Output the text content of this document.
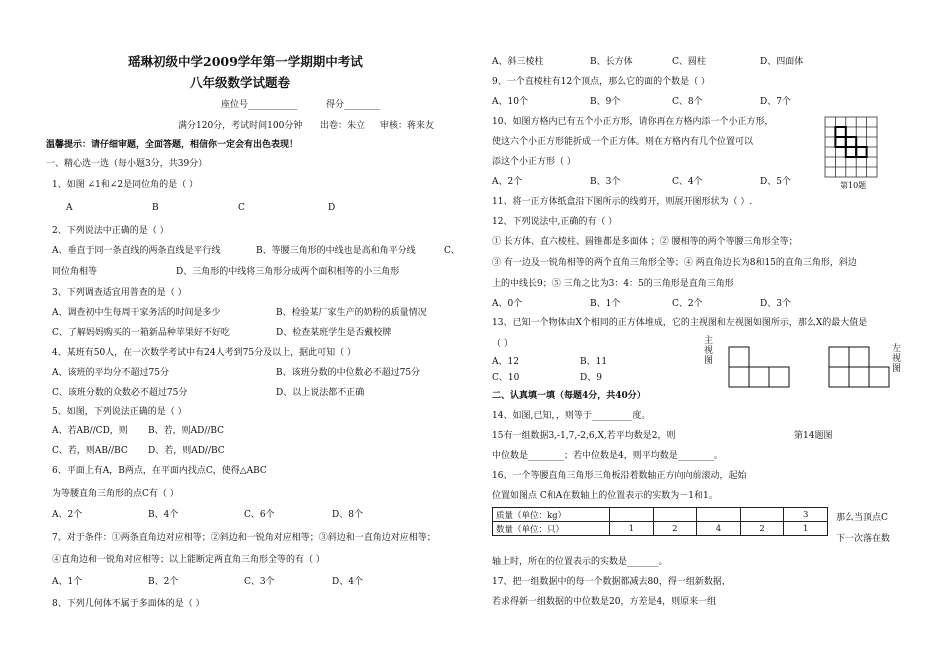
瑶琳初级中学2009学年第一学期期中考试
八年级数学试题卷
座位号___________	得分________
满分120分，考试时间100分钟 出卷：朱立 审核：蒋来友
温馨提示：请仔细审题，全面答题，相信你一定会有出色表现！
一、精心选一选（每小题3分，共39分）
1、如图 ∠1和∠2是同位角的是（ ）
A	B	C	D
2、下列说法中正确的是（ ）
A、垂直于同一条直线的两条直线是平行线	B、等腰三角形的中线也是高和角平分线	C、
同位角相等	D、三角形的中线将三角形分成两个面积相等的小三角形
3、下列调查适宜用普查的是（ ）
A、调查初中生每周干家务活的时间是多少	B、检验某厂家生产的奶粉的质量情况
C、了解妈妈购买的一箱新品种苹果好不好吃	D、检查某班学生是否戴校牌
4、某班有50人，在一次数学考试中有24人考到75分及以上，据此可知（ ）
A、该班的平均分不超过75分	B、该班分数的中位数必不超过75分
C、该班分数的众数必不超过75分	D、以上说法都不正确
5、如图，下列说法正确的是（ ）
A、若AB//CD，则 B、若，则AD//BC
C、若，则AB//BC D、若，则AD//BC
6、平面上有A，B两点，在平面内找点C，使得△ABC
为等腰直角三角形的点C有（ ）
A、2个	B、4个	C、6个	D、8个
7、对于条件：①两条直角边对应相等；②斜边和一锐角对应相等；③斜边和一直角边对应相等；
④直角边和一锐角对应相等；以上能断定两直角三角形全等的有（ ）
A、1个	B、2个	C、3个	D、4个
8、下列几何体不属于多面体的是（ ）
A、斜三棱柱	B、长方体	C、圆柱	D、四面体
9、一个直棱柱有12个顶点，那么它的面的个数是（ ）
A、10个	B、9个	C、8个	D、7个
10、如图方格内已有五个小正方形，请你再在方格内添一个小正方形，
使这六个小正方形能折成一个正方体。则在方格内有几个位置可以
添这个小正方形（ ）
A、2个	B、3个	C、4个	D、5个	第10题
11、将一正方体纸盒沿下图所示的线剪开，则展开图形状为（ ）.
12、下列说法中,正确的有（ ）
① 长方体、直六棱柱、圆锥都是多面体 ；② 腰相等的两个等腰三角形全等；
③ 有一边及一锐角相等的两个直角三角形全等；④ 两直角边长为8和15的直角三角形，斜边
上的中线长9；⑤ 三角之比为3：4：5的三角形是直角三角形
A、0个	B、1个	C、2个	D、3个
13、已知一个物体由X个相同的正方体堆成，它的主视图和左视图如图所示，那么X的最大值是
（ ）
A、12	B、11
C、10	D、9
主
视
图
左
视
图
二、认真填一填（每题4分，共40分）
14、如图,已知，，则等于_________度。
15有一组数据3,-1,7,-2,6,X,若平均数是2，则	第14题图
中位数是________；若中位数是4，则平均数是________。
16、一个等腰直角三角形三角板沿着数轴正方向向前滚动，起始
位置如图点 C和A在数轴上的位置表示的实数为－1和1。
质量（单位：kg）					3
数量（单位：只）	1	2	4	2	1
那么当顶点C
下一次落在数
轴上时，所在的位置表示的实数是_______。
17、把一组数据中的每一个数据都减去80，得一组新数据，
若求得新一组数据的中位数是20，方差是4，则原来一组
